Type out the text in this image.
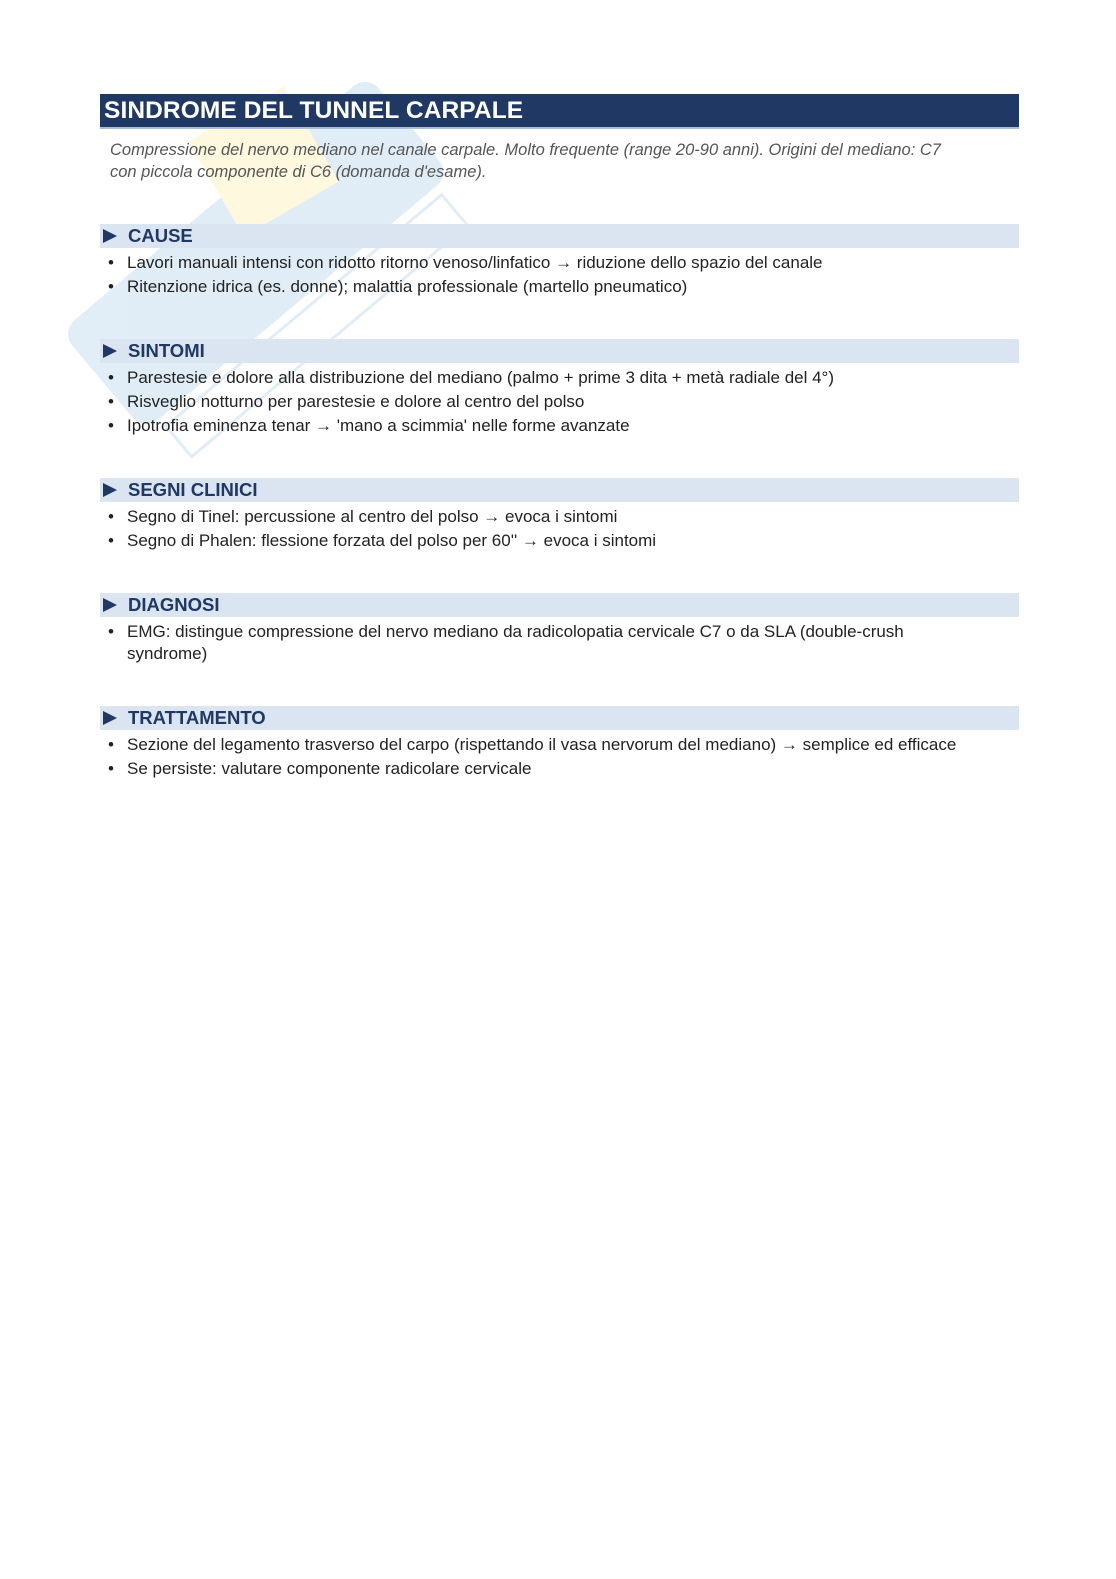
SINDROME DEL TUNNEL CARPALE
Compressione del nervo mediano nel canale carpale. Molto frequente (range 20-90 anni). Origini del mediano: C7 con piccola componente di C6 (domanda d'esame).
CAUSE
• Lavori manuali intensi con ridotto ritorno venoso/linfatico → riduzione dello spazio del canale
• Ritenzione idrica (es. donne); malattia professionale (martello pneumatico)
SINTOMI
• Parestesie e dolore alla distribuzione del mediano (palmo + prime 3 dita + metà radiale del 4°)
• Risveglio notturno per parestesie e dolore al centro del polso
• Ipotrofia eminenza tenar → 'mano a scimmia' nelle forme avanzate
SEGNI CLINICI
• Segno di Tinel: percussione al centro del polso → evoca i sintomi
• Segno di Phalen: flessione forzata del polso per 60'' → evoca i sintomi
DIAGNOSI
• EMG: distingue compressione del nervo mediano da radicolopatia cervicale C7 o da SLA (double-crush syndrome)
TRATTAMENTO
• Sezione del legamento trasverso del carpo (rispettando il vasa nervorum del mediano) → semplice ed efficace
• Se persiste: valutare componente radicolare cervicale
